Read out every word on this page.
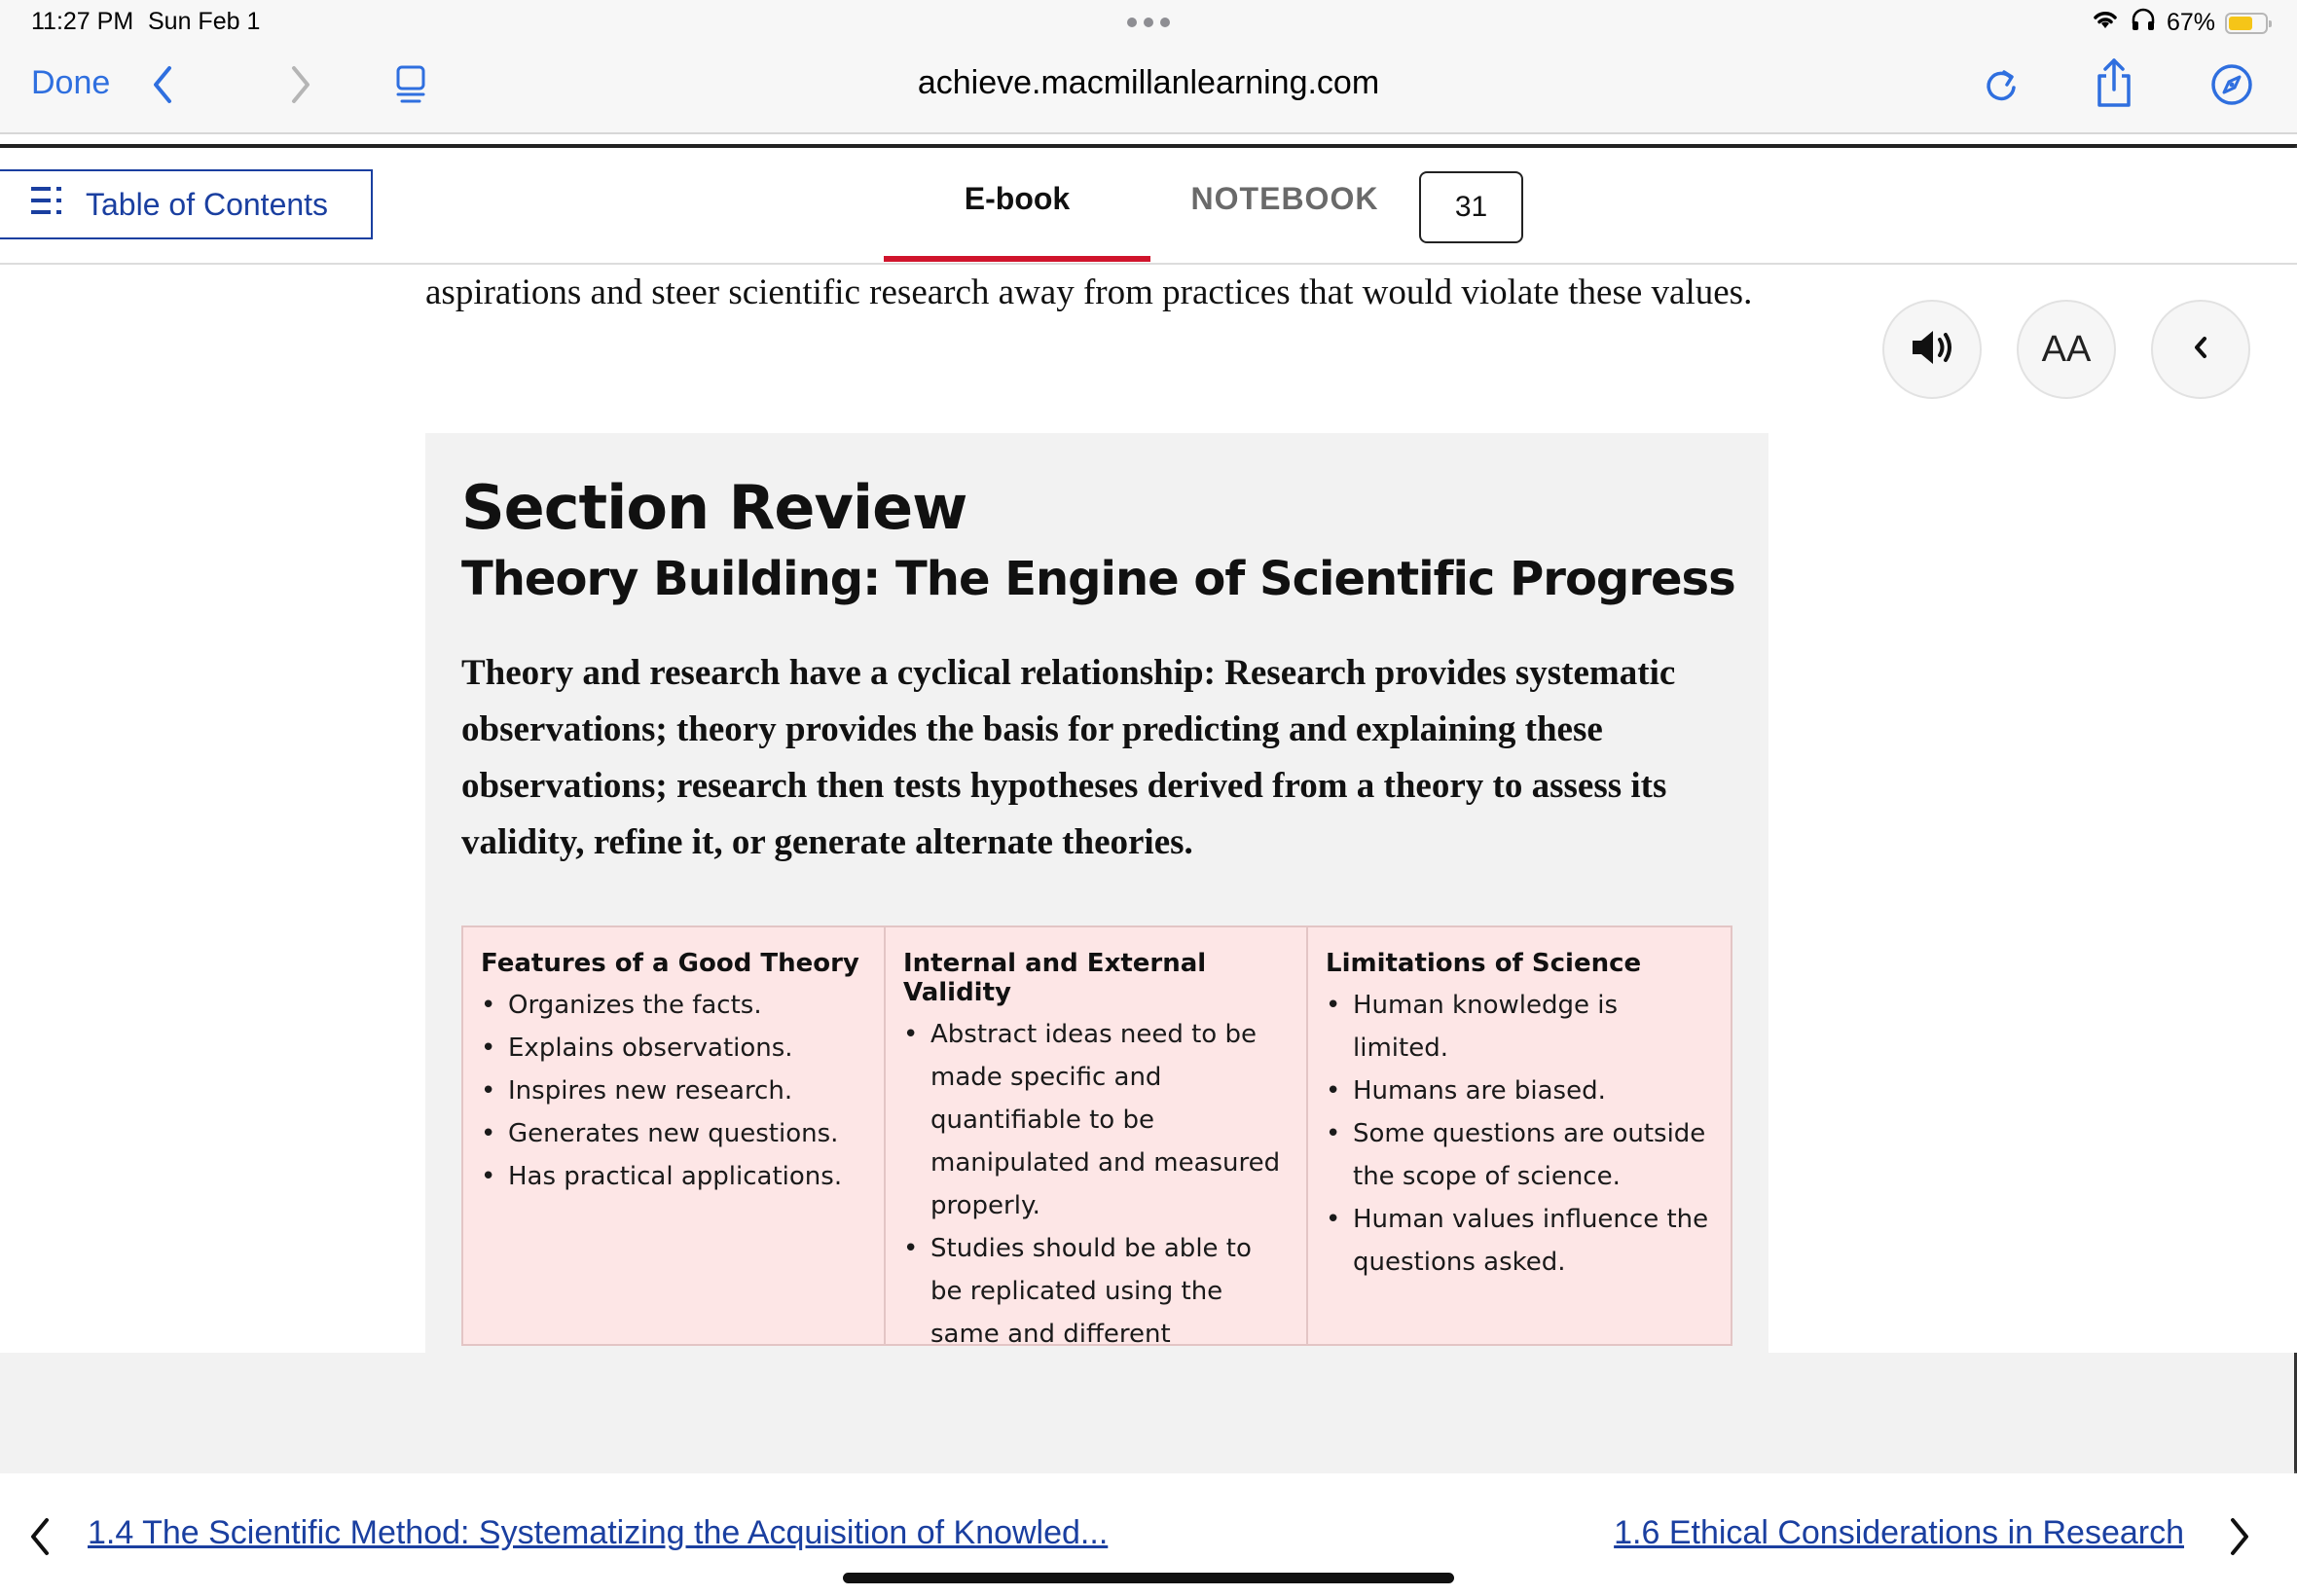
11:27 PM Sun Feb 1	67%
Done	achieve.macmillanlearning.com
Table of Contents	E-book	NOTEBOOK	31

aspirations and steer scientific research away from practices that would violate these values.

AA
Section Review
Theory Building: The Engine of Scientific Progress

Theory and research have a cyclical relationship: Research provides systematic observations; theory provides the basis for predicting and explaining these observations; research then tests hypotheses derived from a theory to assess its validity, refine it, or generate alternate theories.

Features of a Good Theory
• Organizes the facts.
• Explains observations.
• Inspires new research.
• Generates new questions.
• Has practical applications.
Internal and External Validity
• Abstract ideas need to be made specific and quantifiable to be manipulated and measured properly.
• Studies should be able to be replicated using the same and different
Limitations of Science
• Human knowledge is limited.
• Humans are biased.
• Some questions are outside the scope of science.
• Human values influence the questions asked.
1.4 The Scientific Method: Systematizing the Acquisition of Knowled...	1.6 Ethical Considerations in Research
